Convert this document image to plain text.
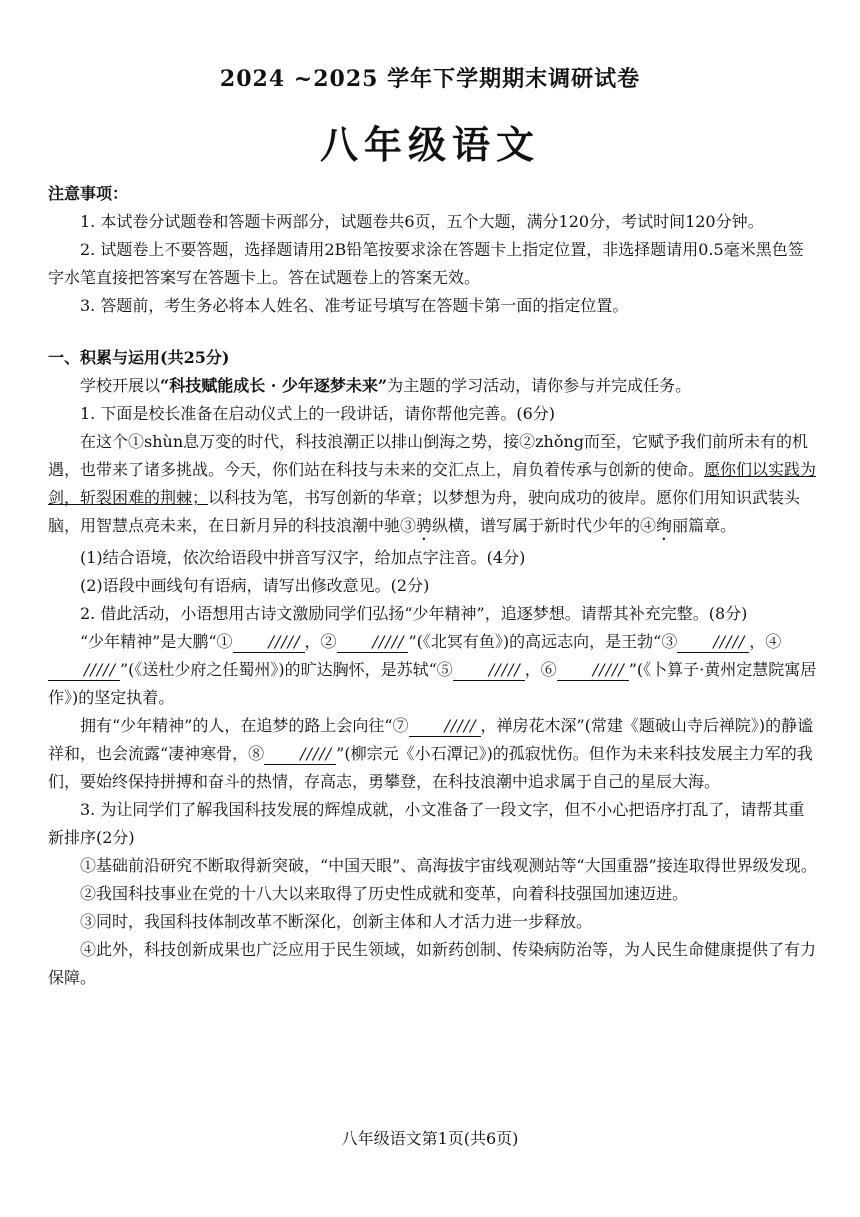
2024 ~2025 学年下学期期末调研试卷
八年级语文

注意事项：

1. 本试卷分试题卷和答题卡两部分，试题卷共6页，五个大题，满分120分，考试时间120分钟。

2. 试题卷上不要答题，选择题请用2B铅笔按要求涂在答题卡上指定位置，非选择题请用0.5毫米黑色签字水笔直接把答案写在答题卡上。答在试题卷上的答案无效。

3. 答题前，考生务必将本人姓名、准考证号填写在答题卡第一面的指定位置。

一、积累与运用(共25分)

学校开展以“科技赋能成长 · 少年逐梦未来”为主题的学习活动，请你参与并完成任务。

1. 下面是校长准备在启动仪式上的一段讲话，请你帮他完善。(6分)

在这个①shùn息万变的时代，科技浪潮正以排山倒海之势，接②zhǒng而至，它赋予我们前所未有的机遇，也带来了诸多挑战。今天，你们站在科技与未来的交汇点上，肩负着传承与创新的使命。愿你们以实践为剑，斩裂困难的荆棘；以科技为笔，书写创新的华章；以梦想为舟，驶向成功的彼岸。愿你们用知识武装头脑，用智慧点亮未来，在日新月异的科技浪潮中驰③骋纵横，谱写属于新时代少年的④绚丽篇章。

(1)结合语境，依次给语段中拼音写汉字，给加点字注音。(4分)

(2)语段中画线句有语病，请写出修改意见。(2分)

2. 借此活动，小语想用古诗文激励同学们弘扬“少年精神”，追逐梦想。请帮其补充完整。(8分)

“少年精神”是大鹏“① ///// ，② ///// ”(《北冥有鱼》)的高远志向，是王勃“③ ///// ，④///// ”(《送杜少府之任蜀州》)的旷达胸怀，是苏轼“⑤ ///// ，⑥ ///// ”(《卜算子·黄州定慧院寓居作》)的坚定执着。

拥有“少年精神”的人，在追梦的路上会向往“⑦ ///// ，禅房花木深”(常建《题破山寺后禅院》)的静谧祥和，也会流露“凄神寒骨，⑧ ///// ”(柳宗元《小石潭记》)的孤寂忧伤。但作为未来科技发展主力军的我们，要始终保持拼搏和奋斗的热情，存高志，勇攀登，在科技浪潮中追求属于自己的星辰大海。

3. 为让同学们了解我国科技发展的辉煌成就，小文准备了一段文字，但不小心把语序打乱了，请帮其重新排序(2分)

①基础前沿研究不断取得新突破，“中国天眼”、高海拔宇宙线观测站等“大国重器”接连取得世界级发现。

②我国科技事业在党的十八大以来取得了历史性成就和变革，向着科技强国加速迈进。

③同时，我国科技体制改革不断深化，创新主体和人才活力进一步释放。

④此外，科技创新成果也广泛应用于民生领域，如新药创制、传染病防治等，为人民生命健康提供了有力保障。

八年级语文第1页(共6页)
